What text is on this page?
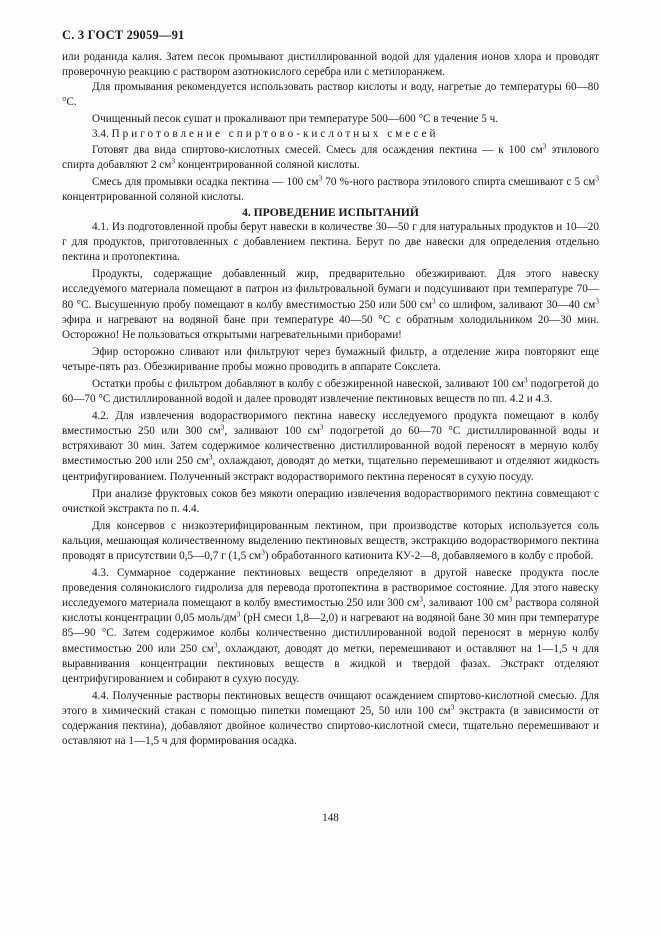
С. 3 ГОСТ 29059—91

или роданида калия. Затем песок промывают дистиллированной водой для удаления ионов хлора и проводят проверочную реакцию с раствором азотнокислого серебра или с метилоранжем.

Для промывания рекомендуется использовать раствор кислоты и воду, нагретые до температуры 60—80 °С.

Очищенный песок сушат и прокаливают при температуре 500—600 °С в течение 5 ч.

3.4. Приготовление спиртово-кислотных смесей

Готовят два вида спиртово-кислотных смесей. Смесь для осаждения пектина — к 100 $см^3$ этилового спирта добавляют 2 $см^3$ концентрированной соляной кислоты.

Смесь для промывки осадка пектина — 100 $см^3$ 70 %-ного раствора этилового спирта смешивают с 5 $см^3$ концентрированной соляной кислоты.

4. ПРОВЕДЕНИЕ ИСПЫТАНИЙ

4.1. Из подготовленной пробы берут навески в количестве 30—50 г для натуральных продуктов и 10—20 г для продуктов, приготовленных с добавлением пектина. Берут по две навески для определения отдельно пектина и протопектина.

Продукты, содержащие добавленный жир, предварительно обезжиривают. Для этого навеску исследуемого материала помещают в патрон из фильтровальной бумаги и подсушивают при температуре 70—80 °С. Высушенную пробу помещают в колбу вместимостью 250 или 500 $см^3$ со шлифом, заливают 30—40 $см^3$ эфира и нагревают на водяной бане при температуре 40—50 °С с обратным холодильником 20—30 мин. Осторожно! Не пользоваться открытыми нагревательными приборами!

Эфир осторожно сливают или фильтруют через бумажный фильтр, а отделение жира повторяют еще четыре-пять раз. Обезжиривание пробы можно проводить в аппарате Сокслета.

Остатки пробы с фильтром добавляют в колбу с обезжиренной навеской, заливают 100 $см^3$ подогретой до 60—70 °С дистиллированной водой и далее проводят извлечение пектиновых веществ по пп. 4.2 и 4.3.

4.2. Для извлечения водорастворимого пектина навеску исследуемого продукта помещают в колбу вместимостью 250 или 300 $см^3$, заливают 100 $см^3$ подогретой до 60—70 °С дистиллированной воды и встряхивают 30 мин. Затем содержимое количественно дистиллированной водой переносят в мерную колбу вместимостью 200 или 250 $см^3$, охлаждают, доводят до метки, тщательно перемешивают и отделяют жидкость центрифугированием. Полученный экстракт водорастворимого пектина переносят в сухую посуду.

При анализе фруктовых соков без мякоти операцию извлечения водорастворимого пектина совмещают с очисткой экстракта по п. 4.4.

Для консервов с низкоэтерифицированным пектином, при производстве которых используется соль кальция, мешающая количественному выделению пектиновых веществ, экстракцию водорастворимого пектина проводят в присутствии 0,5—0,7 г (1,5 $см^3$) обработанного катионита КУ-2—8, добавляемого в колбу с пробой.

4.3. Суммарное содержание пектиновых веществ определяют в другой навеске продукта после проведения солянокислого гидролиза для перевода протопектина в растворимое состояние. Для этого навеску исследуемого материала помещают в колбу вместимостью 250 или 300 $см^3$, заливают 100 $см^3$ раствора соляной кислоты концентрации 0,05 моль/$дм^3$ (pH смеси 1,8—2,0) и нагревают на водяной бане 30 мин при температуре 85—90 °С. Затем содержимое колбы количественно дистиллированной водой переносят в мерную колбу вместимостью 200 или 250 $см^3$, охлаждают, доводят до метки, перемешивают и оставляют на 1—1,5 ч для выравнивания концентрации пектиновых веществ в жидкой и твердой фазах. Экстракт отделяют центрифугированием и собирают в сухую посуду.

4.4. Полученные растворы пектиновых веществ очищают осаждением спиртово-кислотной смесью. Для этого в химический стакан с помощью пипетки помещают 25, 50 или 100 $см^3$ экстракта (в зависимости от содержания пектина), добавляют двойное количество спиртово-кислотной смеси, тщательно перемешивают и оставляют на 1—1,5 ч для формирования осадка.

148
